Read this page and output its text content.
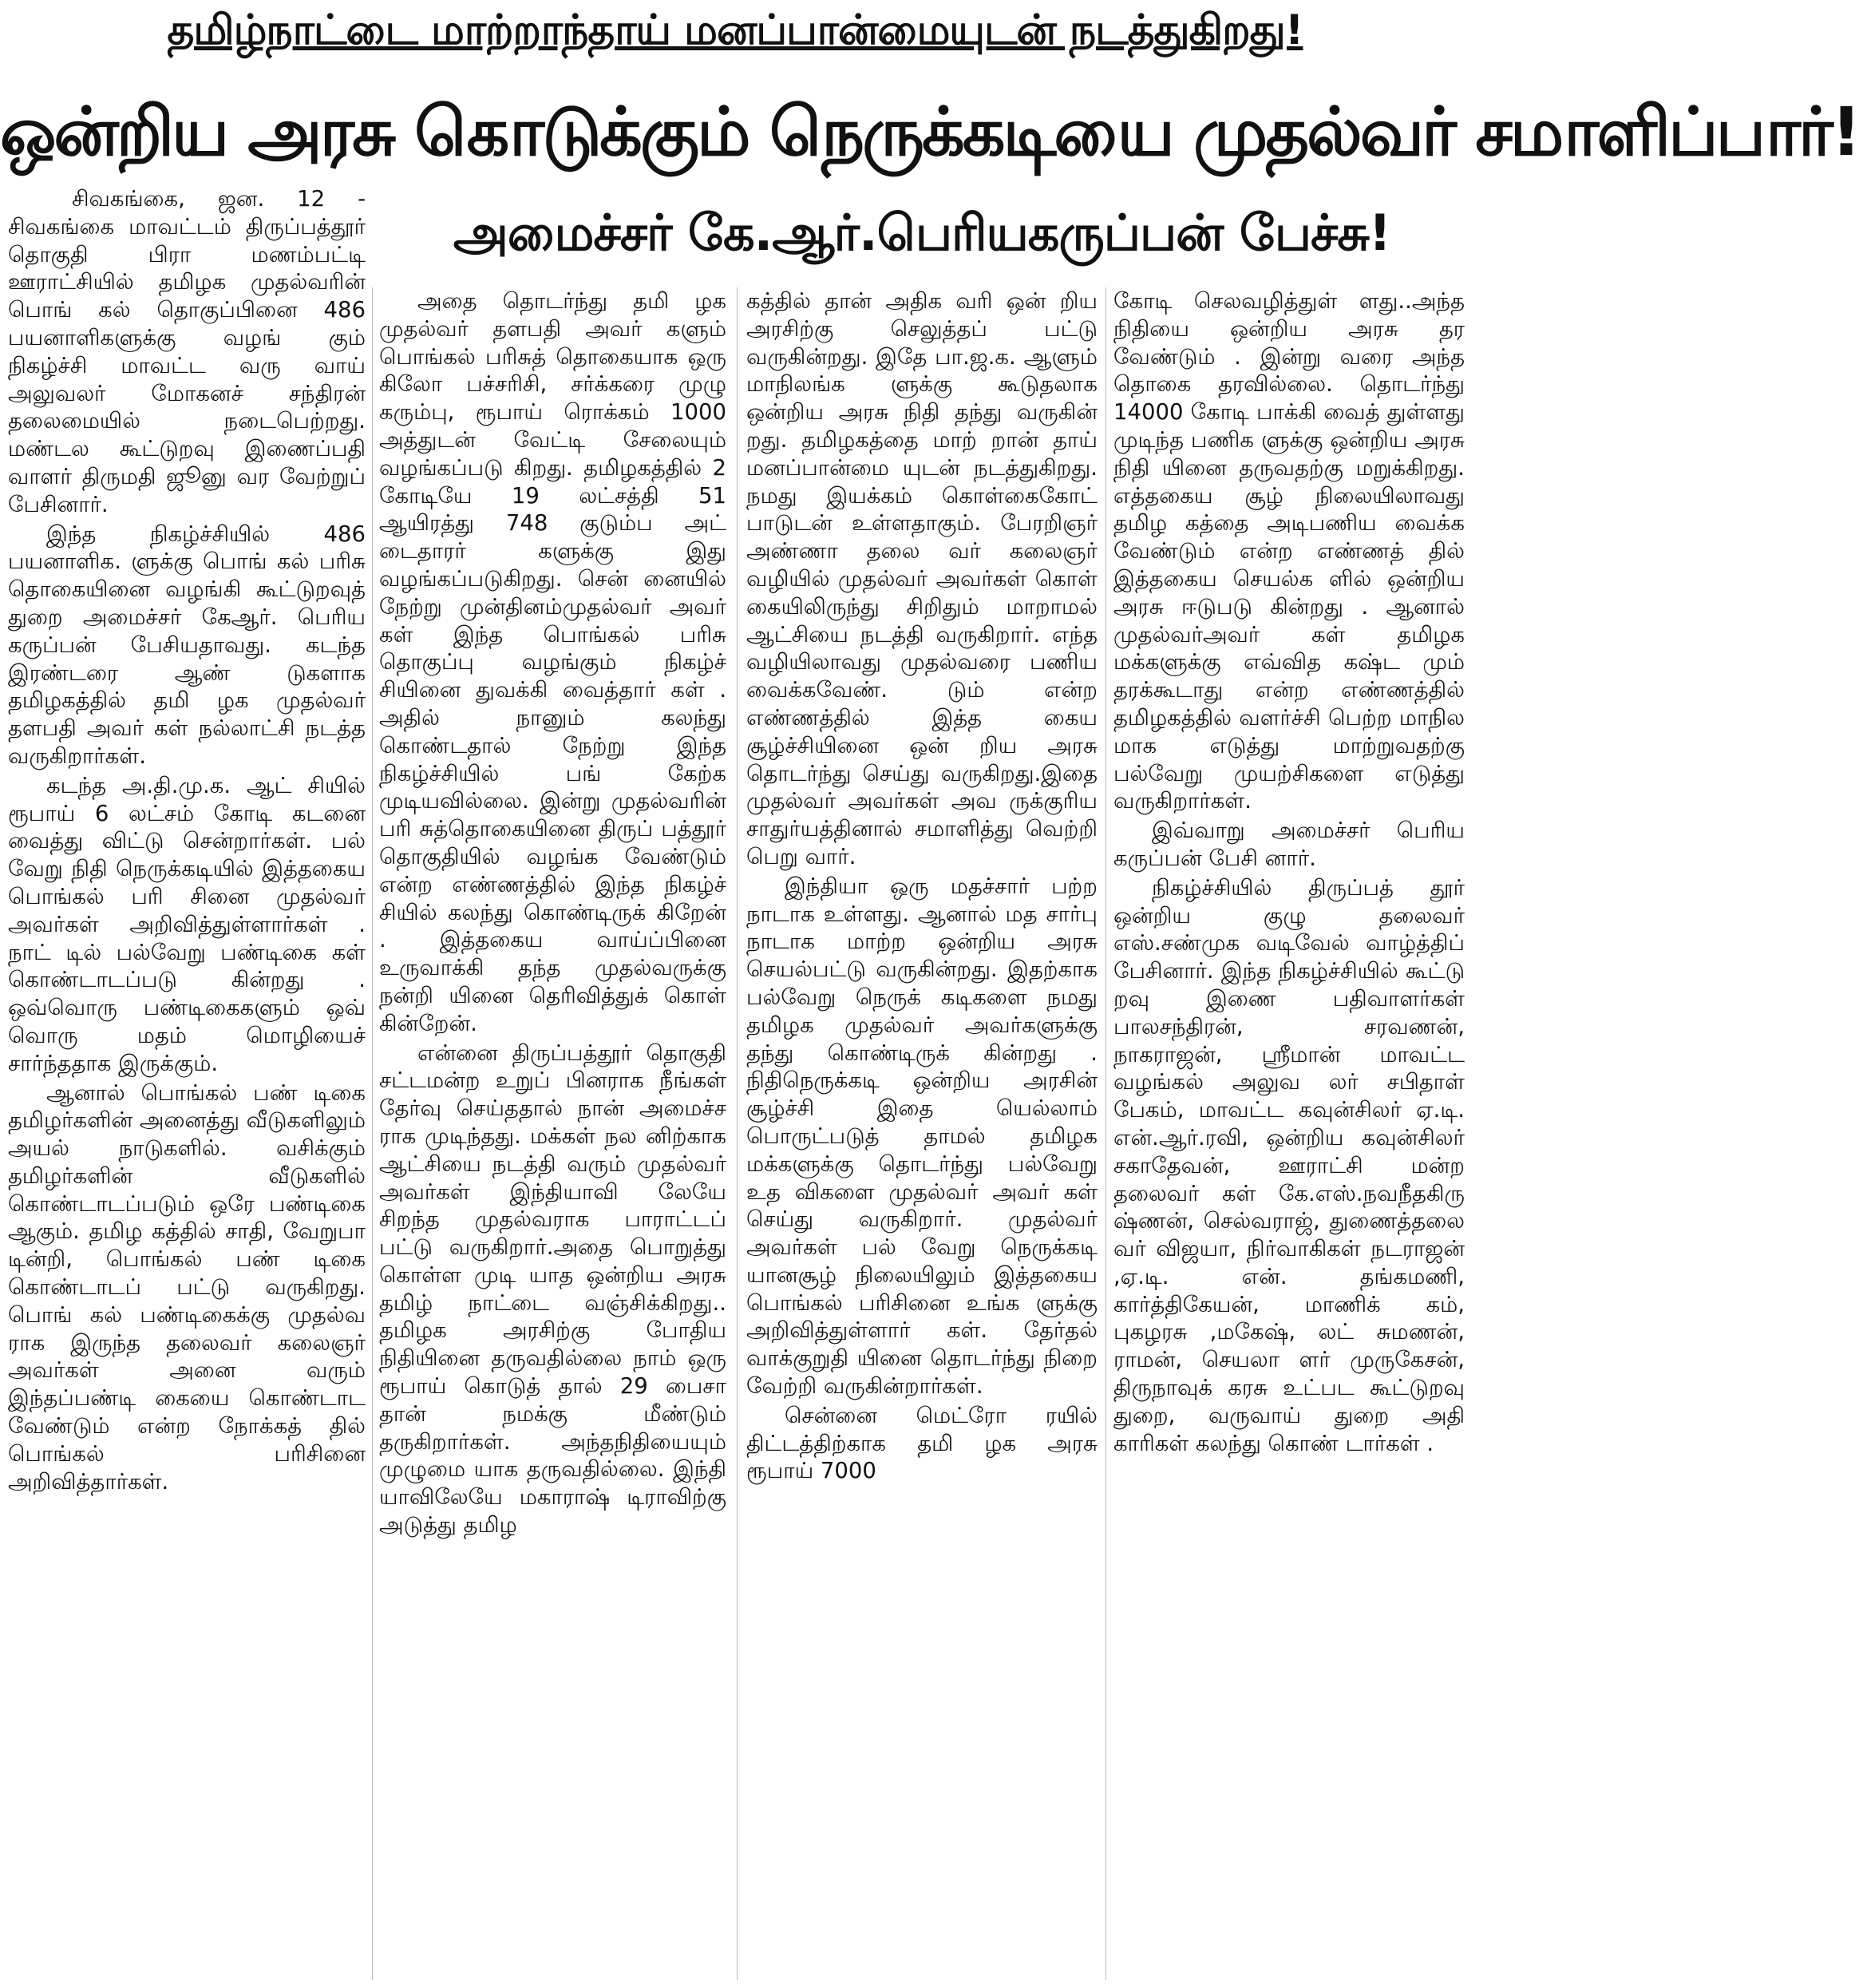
தமிழ்நாட்டை மாற்றாந்தாய் மனப்பான்மையுடன் நடத்துகிறது!
ஒன்றிய அரசு கொடுக்கும் நெருக்கடியை முதல்வர் சமாளிப்பார்!
அமைச்சர் கே.ஆர்.பெரியகருப்பன் பேச்சு!

சிவகங்கை, ஜன. 12 - சிவகங்கை மாவட்டம் திருப்பத்தூர் தொகுதி பிரா மணம்பட்டி ஊராட்சியில் தமிழக முதல்வரின் பொங் கல் தொகுப்பினை 486 பயனாளிகளுக்கு வழங் கும் நிகழ்ச்சி மாவட்ட வரு வாய் அலுவலர் மோகனச் சந்திரன் தலைமையில் நடைபெற்றது. மண்டல கூட்டுறவு இணைப்பதி வாளர் திருமதி ஜூனு வர வேற்றுப் பேசினார்.

இந்த நிகழ்ச்சியில் 486 பயனாளிக. ளுக்கு பொங் கல் பரிசு தொகையினை வழங்கி கூட்டுறவுத் துறை அமைச்சர் கேஆர். பெரிய கருப்பன் பேசியதாவது. கடந்த இரண்டரை ஆண் டுகளாக தமிழகத்தில் தமி ழக முதல்வர் தளபதி அவர் கள் நல்லாட்சி நடத்த வருகிறார்கள்.

கடந்த அ.தி.மு.க. ஆட் சியில் ரூபாய் 6 லட்சம் கோடி கடனை வைத்து விட்டு சென்றார்கள். பல் வேறு நிதி நெருக்கடியில் இத்தகைய பொங்கல் பரி சினை முதல்வர் அவர்கள் அறிவித்துள்ளார்கள் . நாட் டில் பல்வேறு பண்டிகை கள் கொண்டாடப்படு கின்றது . ஒவ்வொரு பண்டிகைகளும் ஒவ் வொரு மதம் மொழியைச் சார்ந்ததாக இருக்கும்.

ஆனால் பொங்கல் பண் டிகை தமிழர்களின் அனைத்து வீடுகளிலும் அயல் நாடுகளில். வசிக்கும் தமிழர்களின் வீடுகளில் கொண்டாடப்படும் ஒரே பண்டிகை ஆகும். தமிழ கத்தில் சாதி, வேறுபா டின்றி, பொங்கல் பண் டிகை கொண்டாடப் பட்டு வருகிறது. பொங் கல் பண்டிகைக்கு முதல்வ ராக இருந்த தலைவர் கலைஞர் அவர்கள் அனை வரும் இந்தப்பண்டி கையை கொண்டாட வேண்டும் என்ற நோக்கத் தில் பொங்கல் பரிசினை அறிவித்தார்கள்.

அதை தொடர்ந்து தமி ழக முதல்வர் தளபதி அவர் களும் பொங்கல் பரிசுத் தொகையாக ஒரு கிலோ பச்சரிசி, சர்க்கரை முழு கரும்பு, ரூபாய் ரொக்கம் 1000 அத்துடன் வேட்டி சேலையும் வழங்கப்படு கிறது. தமிழகத்தில் 2 கோடியே 19 லட்சத்தி 51 ஆயிரத்து 748 குடும்ப அட் டைதாரர் களுக்கு இது வழங்கப்படுகிறது. சென் னையில் நேற்று முன்தினம்முதல்வர் அவர் கள் இந்த பொங்கல் பரிசு தொகுப்பு வழங்கும் நிகழ்ச் சியினை துவக்கி வைத்தார் கள் . அதில் நானும் கலந்து கொண்டதால் நேற்று இந்த நிகழ்ச்சியில் பங் கேற்க முடியவில்லை. இன்று முதல்வரின் பரி சுத்தொகையினை திருப் பத்தூர் தொகுதியில் வழங்க வேண்டும் என்ற எண்ணத்தில் இந்த நிகழ்ச் சியில் கலந்து கொண்டிருக் கிறேன் . இத்தகைய வாய்ப்பினை உருவாக்கி தந்த முதல்வருக்கு நன்றி யினை தெரிவித்துக் கொள் கின்றேன்.

என்னை திருப்பத்தூர் தொகுதி சட்டமன்ற உறுப் பினராக நீங்கள் தேர்வு செய்ததால் நான் அமைச்ச ராக முடிந்தது. மக்கள் நல னிற்காக ஆட்சியை நடத்தி வரும் முதல்வர் அவர்கள் இந்தியாவி லேயே சிறந்த முதல்வராக பாராட்டப் பட்டு வருகிறார்.அதை பொறுத்து கொள்ள முடி யாத ஒன்றிய அரசு தமிழ் நாட்டை வஞ்சிக்கிறது.. தமிழக அரசிற்கு போதிய நிதியினை தருவதில்லை நாம் ஒரு ரூபாய் கொடுத் தால் 29 பைசா தான் நமக்கு மீண்டும் தருகிறார்கள். அந்தநிதியையும் முழுமை யாக தருவதில்லை. இந்தி யாவிலேயே மகாராஷ் டிராவிற்கு அடுத்து தமிழ

கத்தில் தான் அதிக வரி ஒன் றிய அரசிற்கு செலுத்தப் பட்டு வருகின்றது. இதே பா.ஜ.க. ஆளும் மாநிலங்க ளுக்கு கூடுதலாக ஒன்றிய அரசு நிதி தந்து வருகின் றது. தமிழகத்தை மாற் றான் தாய் மனப்பான்மை யுடன் நடத்துகிறது. நமது இயக்கம் கொள்கைகோட் பாடுடன் உள்ளதாகும். பேரறிஞர் அண்ணா தலை வர் கலைஞர் வழியில் முதல்வர் அவர்கள் கொள் கையிலிருந்து சிறிதும் மாறாமல் ஆட்சியை நடத்தி வருகிறார். எந்த வழியிலாவது முதல்வரை பணிய வைக்கவேண். டும் என்ற எண்ணத்தில் இத்த கைய சூழ்ச்சியினை ஒன் றிய அரசு தொடர்ந்து செய்து வருகிறது.இதை முதல்வர் அவர்கள் அவ ருக்குரிய சாதுர்யத்தினால் சமாளித்து வெற்றி பெறு வார்.

இந்தியா ஒரு மதச்சார் பற்ற நாடாக உள்ளது. ஆனால் மத சார்பு நாடாக மாற்ற ஒன்றிய அரசு செயல்பட்டு வருகின்றது. இதற்காக பல்வேறு நெருக் கடிகளை நமது தமிழக முதல்வர் அவர்களுக்கு தந்து கொண்டிருக் கின்றது . நிதிநெருக்கடி ஒன்றிய அரசின் சூழ்ச்சி இதை யெல்லாம் பொருட்படுத் தாமல் தமிழக மக்களுக்கு தொடர்ந்து பல்வேறு உத விகளை முதல்வர் அவர் கள் செய்து வருகிறார். முதல்வர் அவர்கள் பல் வேறு நெருக்கடி யானசூழ் நிலையிலும் இத்தகைய பொங்கல் பரிசினை உங்க ளுக்கு அறிவித்துள்ளார் கள். தேர்தல் வாக்குறுதி யினை தொடர்ந்து நிறை வேற்றி வருகின்றார்கள்.

சென்னை மெட்ரோ ரயில் திட்டத்திற்காக தமி ழக அரசு ரூபாய் 7000

கோடி செலவழித்துள் ளது..அந்த நிதியை ஒன்றிய அரசு தர வேண்டும் . இன்று வரை அந்த தொகை தரவில்லை. தொடர்ந்து 14000 கோடி பாக்கி வைத் துள்ளது முடிந்த பணிக ளுக்கு ஒன்றிய அரசு நிதி யினை தருவதற்கு மறுக்கிறது. எத்தகைய சூழ் நிலையிலாவது தமிழ கத்தை அடிபணிய வைக்க வேண்டும் என்ற எண்ணத் தில் இத்தகைய செயல்க ளில் ஒன்றிய அரசு ஈடுபடு கின்றது . ஆனால் முதல்வர்அவர் கள் தமிழக மக்களுக்கு எவ்வித கஷ்ட மும் தரக்கூடாது என்ற எண்ணத்தில் தமிழகத்தில் வளர்ச்சி பெற்ற மாநில மாக எடுத்து மாற்றுவதற்கு பல்வேறு முயற்சிகளை எடுத்து வருகிறார்கள்.

இவ்வாறு அமைச்சர் பெரிய கருப்பன் பேசி னார்.

நிகழ்ச்சியில் திருப்பத் தூர் ஒன்றிய குழு தலைவர் எஸ்.சண்முக வடிவேல் வாழ்த்திப் பேசினார். இந்த நிகழ்ச்சியில் கூட்டு றவு இணை பதிவாளர்கள் பாலசந்திரன், சரவணன், நாகராஜன், ஸ்ரீமான் மாவட்ட வழங்கல் அலுவ லர் சபிதாள் பேகம், மாவட்ட கவுன்சிலர் ஏ.டி. என்.ஆர்.ரவி, ஒன்றிய கவுன்சிலர் சகாதேவன், ஊராட்சி மன்ற தலைவர் கள் கே.எஸ்.நவநீதகிரு ஷ்ணன், செல்வராஜ், துணைத்தலை வர் விஜயா, நிர்வாகிகள் நடராஜன் ,ஏ.டி. என். தங்கமணி, கார்த்திகேயன், மாணிக் கம், புகழரசு ,மகேஷ், லட் சுமணன், ராமன், செயலா ளர் முருகேசன், திருநாவுக் கரசு உட்பட கூட்டுறவு துறை, வருவாய் துறை அதி காரிகள் கலந்து கொண் டார்கள் .
